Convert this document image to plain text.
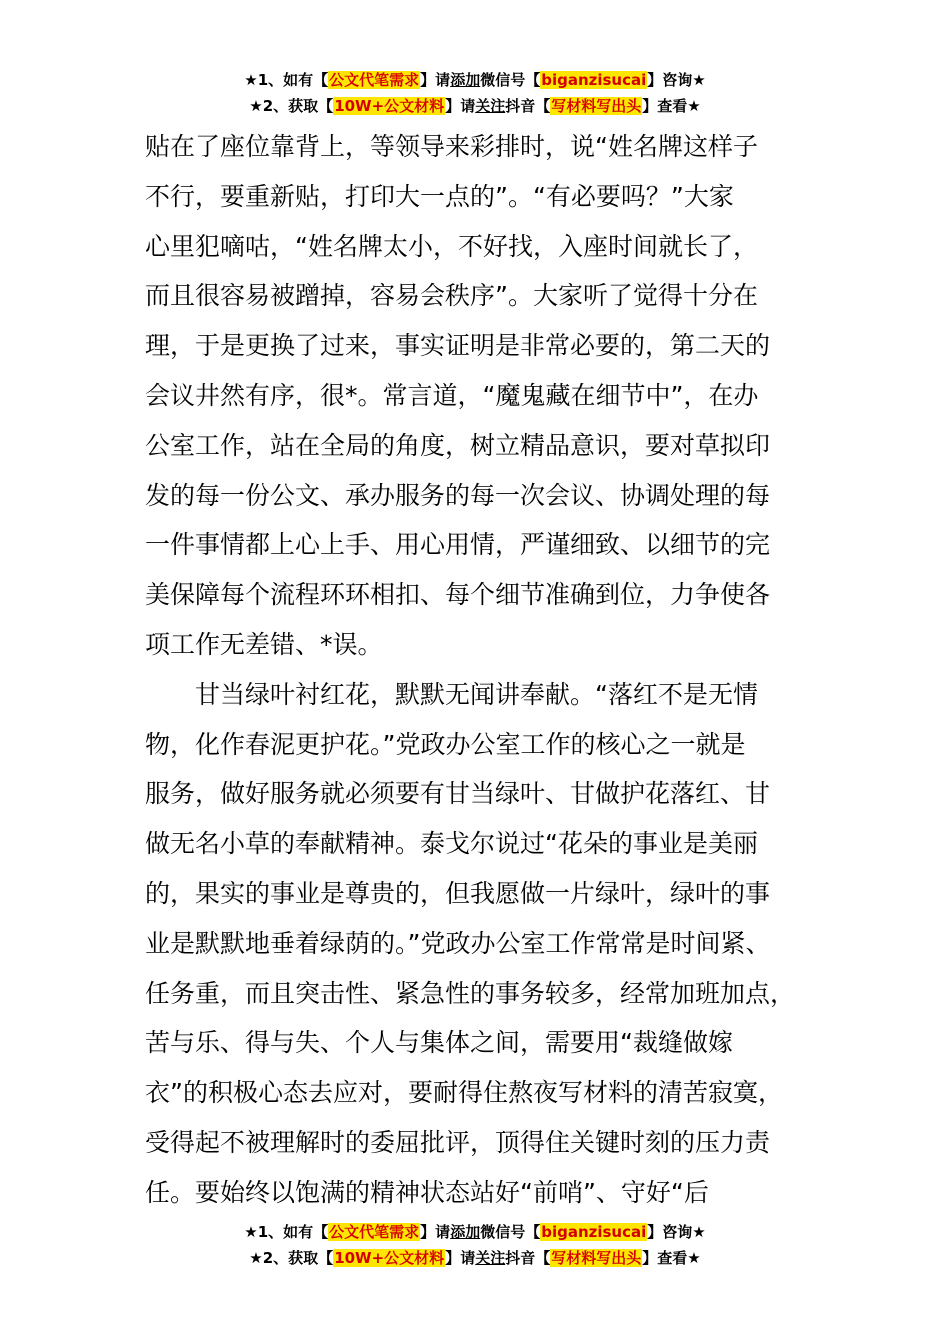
★1、如有【公文代笔需求】请添加微信号【biganzisucai】咨询★
★2、获取【10W+公文材料】请关注抖音【写材料写出头】查看★
贴在了座位靠背上，等领导来彩排时，说“姓名牌这样子
不行，要重新贴，打印大一点的”。“有必要吗？”大家
心里犯嘀咕，“姓名牌太小，不好找，入座时间就长了，
而且很容易被蹭掉，容易会秩序”。大家听了觉得十分在
理，于是更换了过来，事实证明是非常必要的，第二天的
会议井然有序，很*。常言道，“魔鬼藏在细节中”，在办
公室工作，站在全局的角度，树立精品意识，要对草拟印
发的每一份公文、承办服务的每一次会议、协调处理的每
一件事情都上心上手、用心用情，严谨细致、以细节的完
美保障每个流程环环相扣、每个细节准确到位，力争使各
项工作无差错、*误。
甘当绿叶衬红花，默默无闻讲奉献。“落红不是无情
物，化作春泥更护花。”党政办公室工作的核心之一就是
服务，做好服务就必须要有甘当绿叶、甘做护花落红、甘
做无名小草的奉献精神。泰戈尔说过“花朵的事业是美丽
的，果实的事业是尊贵的，但我愿做一片绿叶，绿叶的事
业是默默地垂着绿荫的。”党政办公室工作常常是时间紧、
任务重，而且突击性、紧急性的事务较多，经常加班加点，
苦与乐、得与失、个人与集体之间，需要用“裁缝做嫁
衣”的积极心态去应对，要耐得住熬夜写材料的清苦寂寞，
受得起不被理解时的委屈批评，顶得住关键时刻的压力责
任。要始终以饱满的精神状态站好“前哨”、守好“后
★1、如有【公文代笔需求】请添加微信号【biganzisucai】咨询★
★2、获取【10W+公文材料】请关注抖音【写材料写出头】查看★
